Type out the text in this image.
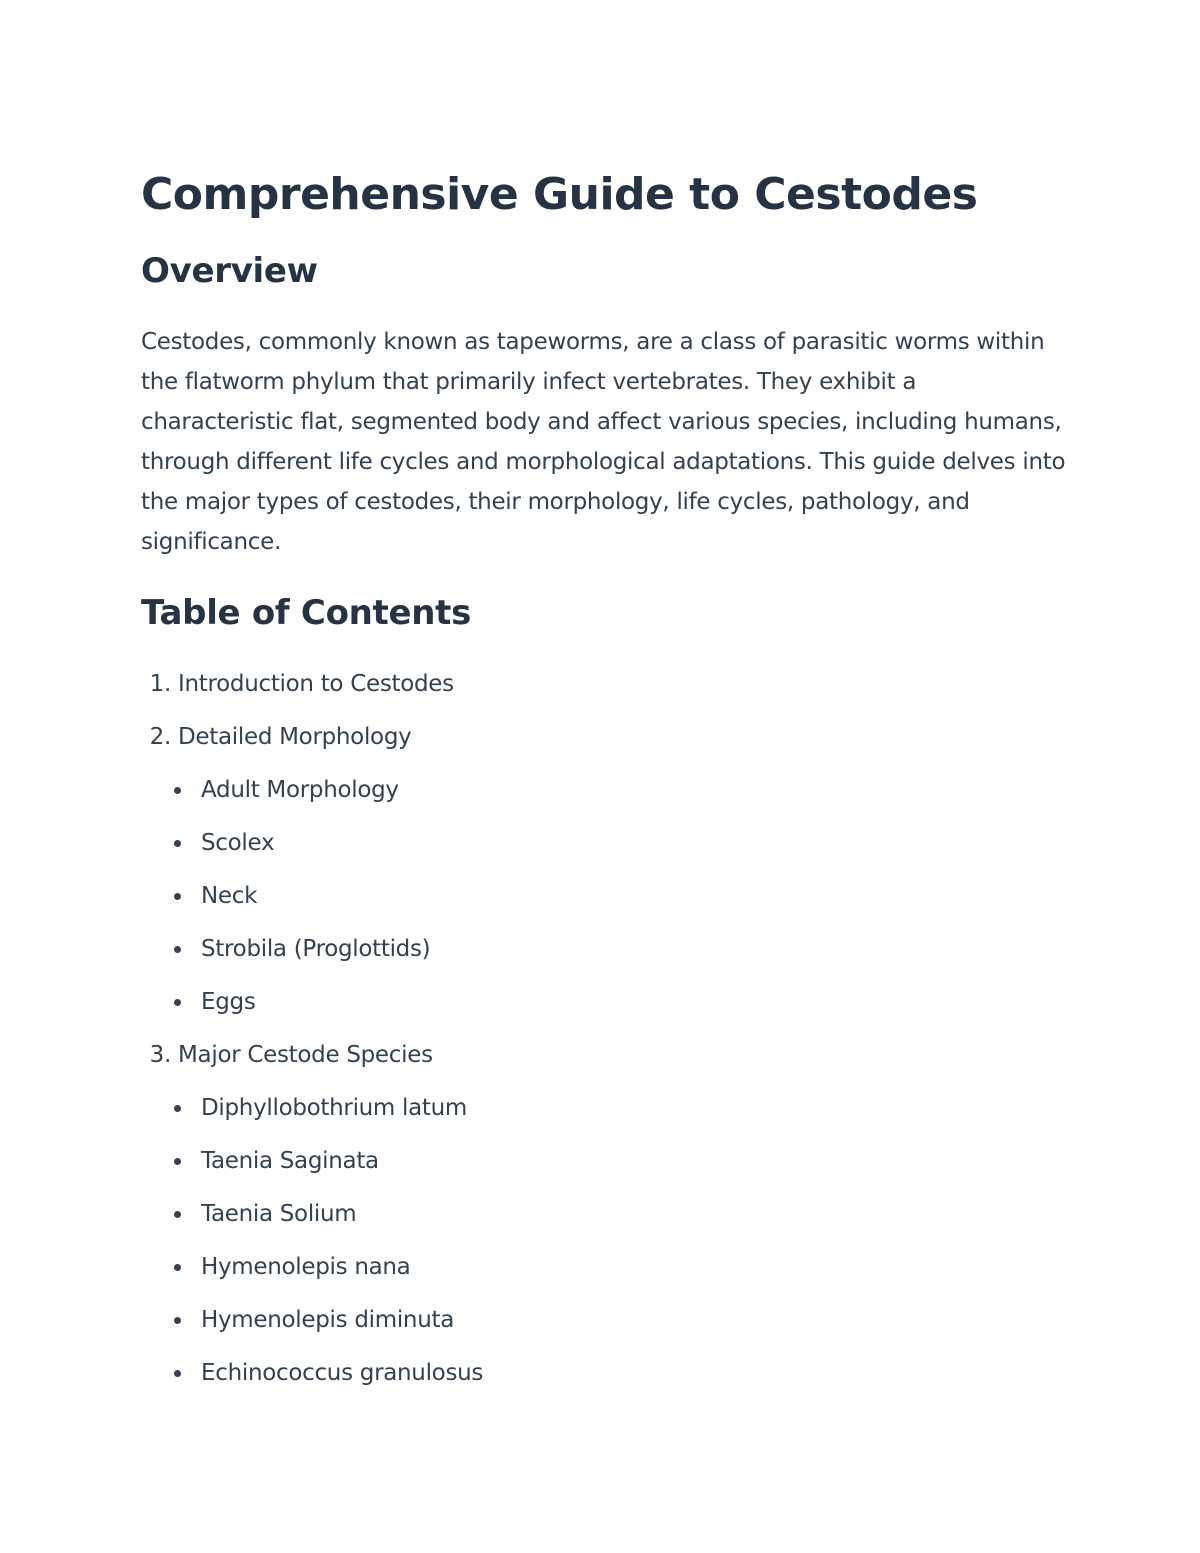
Comprehensive Guide to Cestodes
Overview

Cestodes, commonly known as tapeworms, are a class of parasitic worms within the flatworm phylum that primarily infect vertebrates. They exhibit a characteristic flat, segmented body and affect various species, including humans, through different life cycles and morphological adaptations. This guide delves into the major types of cestodes, their morphology, life cycles, pathology, and significance.

Table of Contents
1. Introduction to Cestodes
2. Detailed Morphology
Adult Morphology
Scolex
Neck
Strobila (Proglottids)
Eggs
3. Major Cestode Species
Diphyllobothrium latum
Taenia Saginata
Taenia Solium
Hymenolepis nana
Hymenolepis diminuta
Echinococcus granulosus
